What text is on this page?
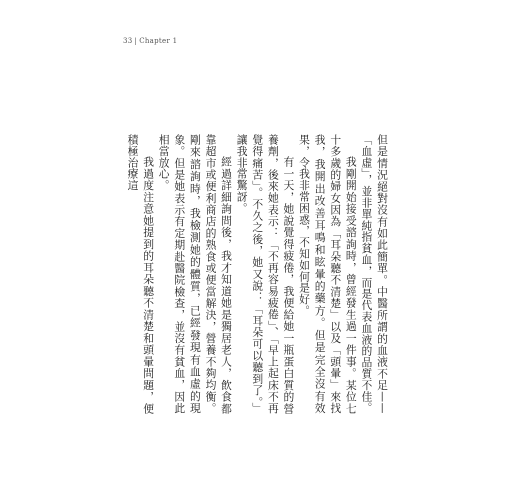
33 | Chapter 1

但是情況絕對沒有如此簡單。中醫所謂的血液不足——「血虛」，並非單純指貧血，而是代表血液的品質不佳。

我剛開始接受諮詢時，曾經發生過一件事。某位七十多歲的婦女因為「耳朵聽不清楚」以及「頭暈」來找我，我開出改善耳鳴和眩暈的藥方。但是完全沒有效果，令我非常困惑，不知如何是好。

有一天，她說覺得疲倦，我便給她一瓶蛋白質的營養劑，後來她表示：「不再容易疲倦」、「早上起床不再覺得痛苦」。不久之後，她又說：「耳朵可以聽到了。」讓我非常驚訝。

經過詳細詢問後，我才知道她是獨居老人，飲食都靠超市或便利商店的熟食或便當解決，營養不夠均衡。剛來諮詢時，我檢測她的體質，已經發現有血虛的現象。但是她表示有定期赴醫院檢查，並沒有貧血，因此相當放心。

我過度注意她提到的耳朵聽不清楚和頭暈問題，便積極治療這
